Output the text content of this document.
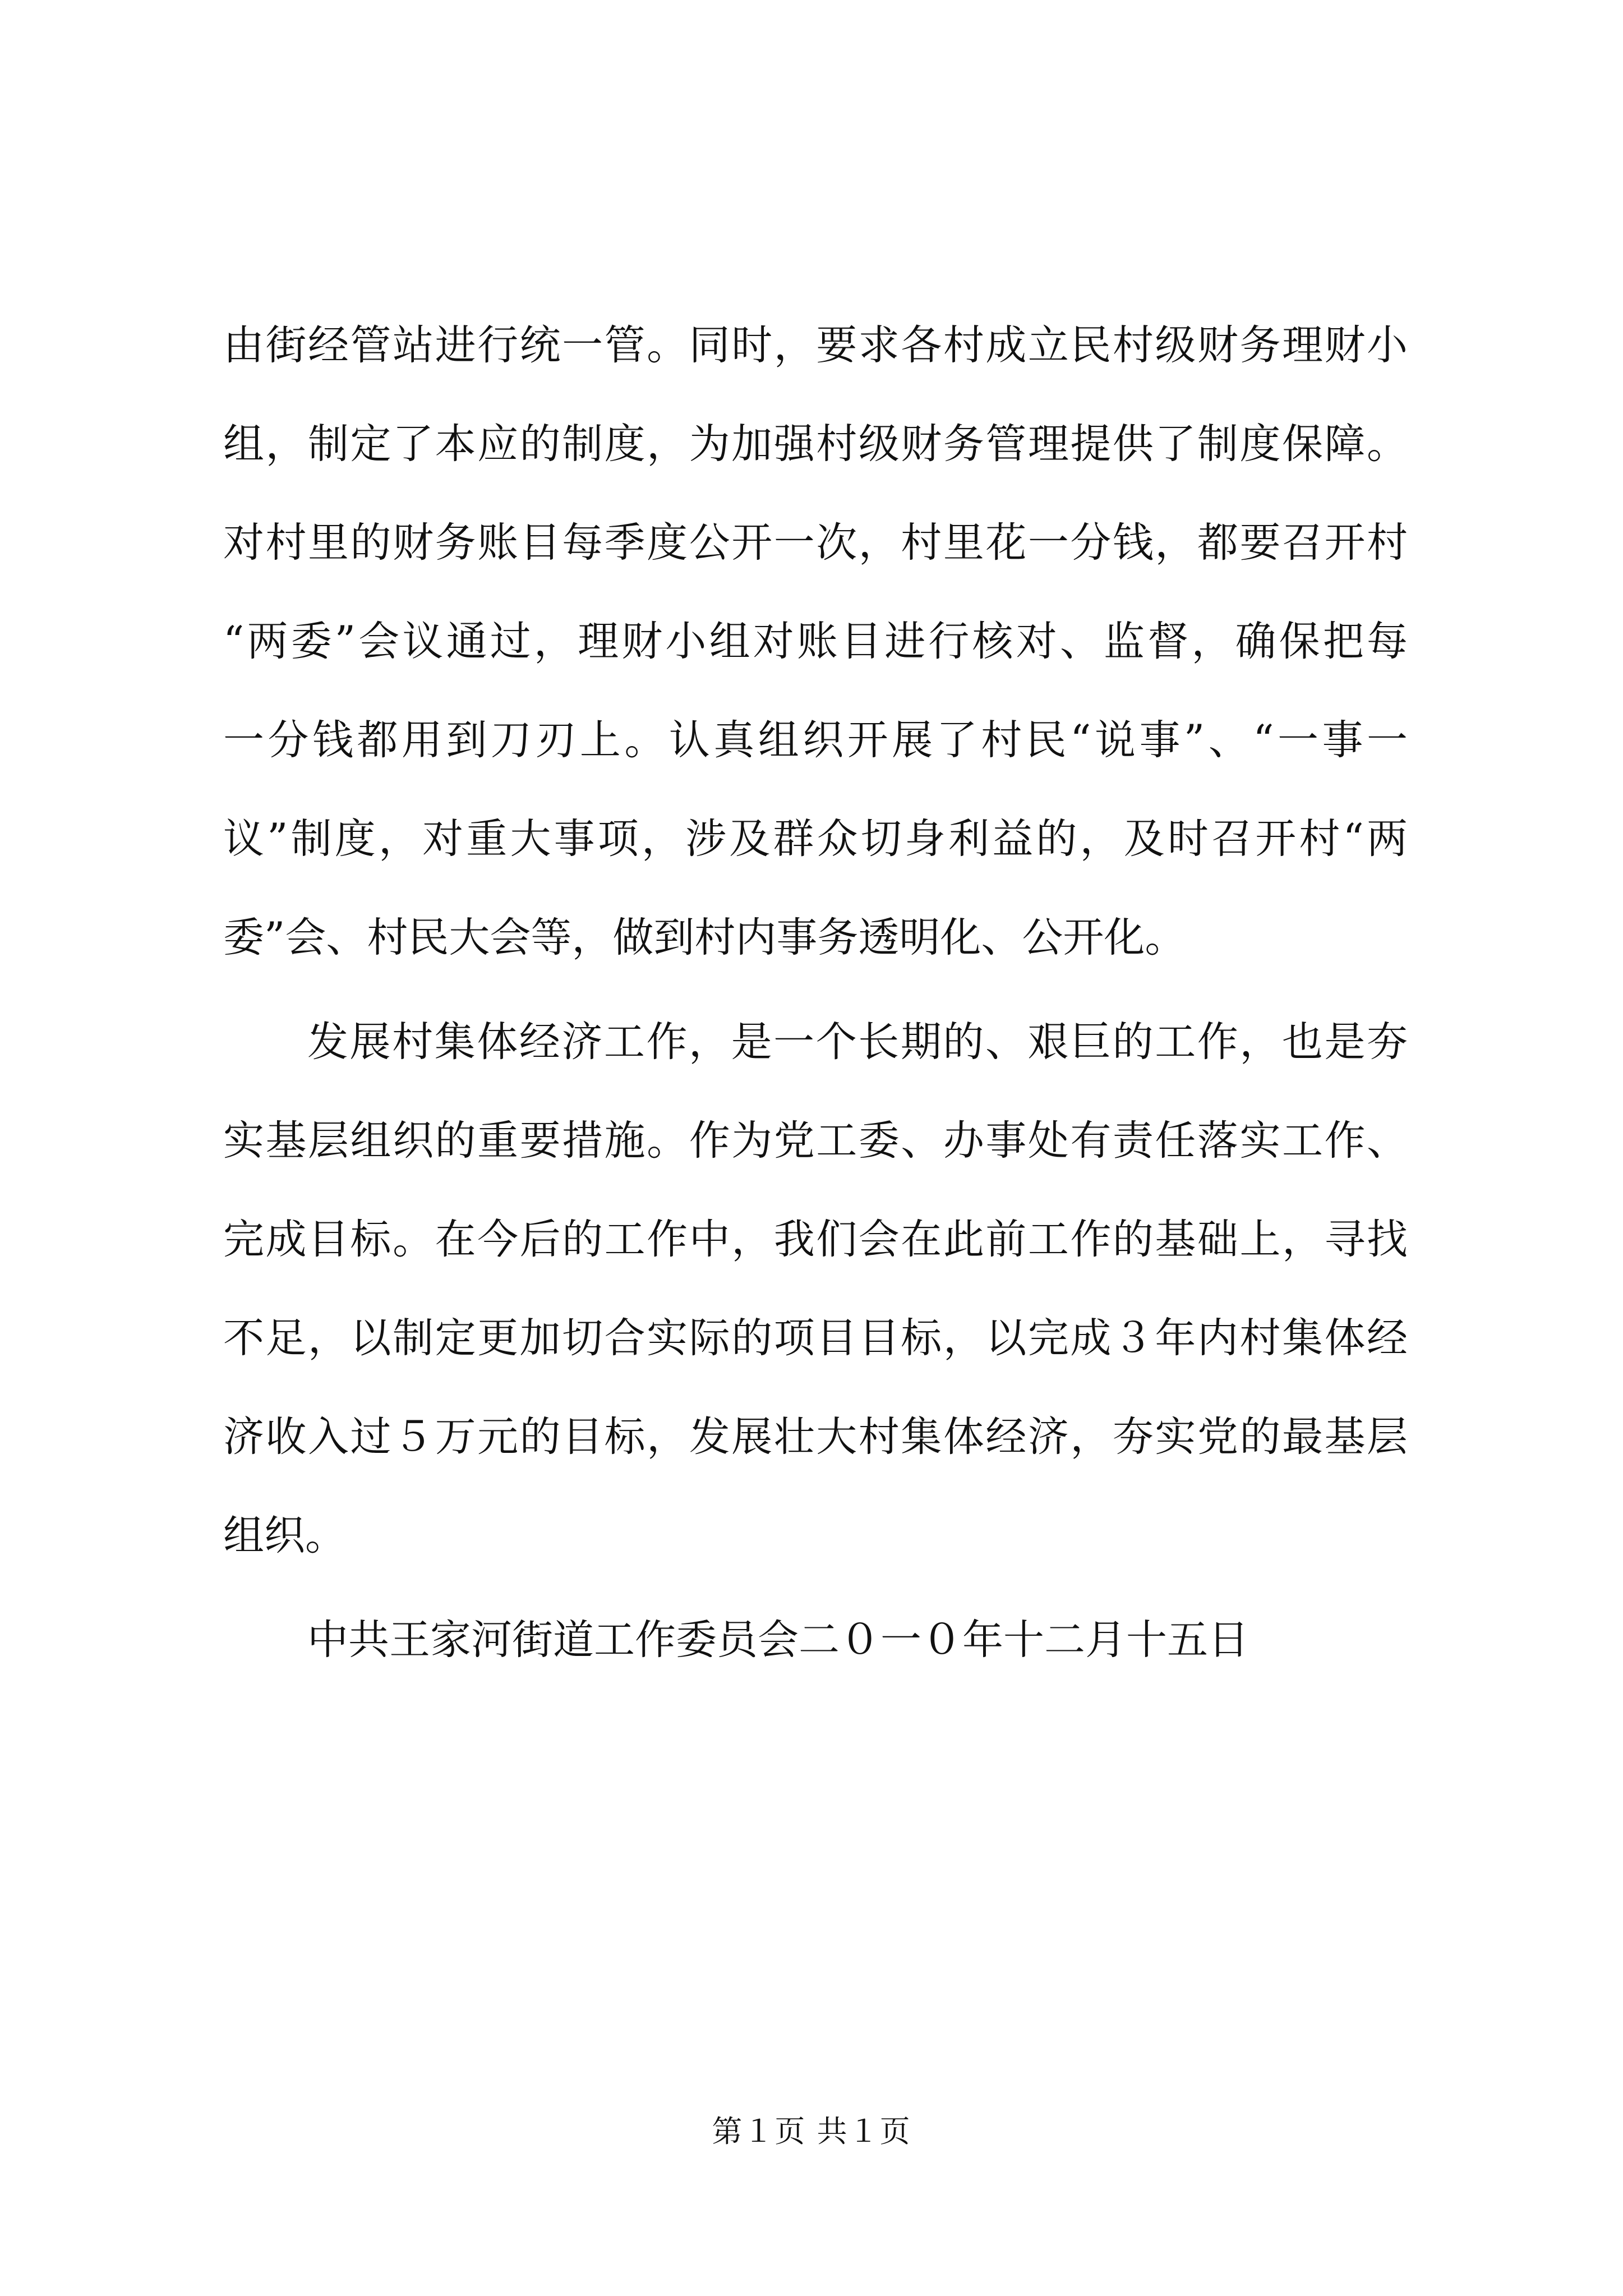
由街经管站进行统一管。同时，要求各村成立民村级财务理财小
组，制定了本应的制度，为加强村级财务管理提供了制度保障。
对村里的财务账目每季度公开一次，村里花一分钱，都要召开村
“两委”会议通过，理财小组对账目进行核对、监督，确保把每
一分钱都用到刀刃上。认真组织开展了村民“说事”、“一事一
议”制度，对重大事项，涉及群众切身利益的，及时召开村“两
委”会、村民大会等，做到村内事务透明化、公开化。
发展村集体经济工作，是一个长期的、艰巨的工作，也是夯
实基层组织的重要措施。作为党工委、办事处有责任落实工作、
完成目标。在今后的工作中，我们会在此前工作的基础上，寻找
不足，以制定更加切合实际的项目目标，以完成３年内村集体经
济收入过５万元的目标，发展壮大村集体经济，夯实党的最基层
组织。
中共王家河街道工作委员会二０一０年十二月十五日
第１页 共１页
